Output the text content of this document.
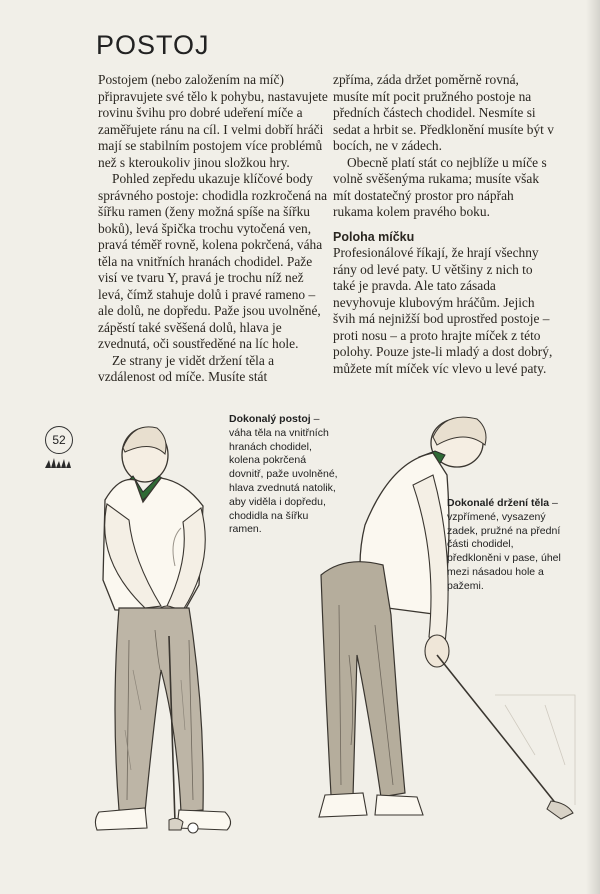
POSTOJ

Postojem (nebo založením na míč) připravujete své tělo k pohybu, nastavujete rovinu švihu pro dobré udeření míče a zaměřujete ránu na cíl. I velmi dobří hráči mají se stabilním postojem více problémů než s kteroukoliv jinou složkou hry.

Pohled zepředu ukazuje klíčové body správného postoje: chodidla rozkročená na šířku ramen (ženy možná spíše na šířku boků), levá špička trochu vytočená ven, pravá téměř rovně, kolena pokrčená, váha těla na vnitřních hranách chodidel. Paže visí ve tvaru Y, pravá je trochu níž než levá, čímž stahuje dolů i pravé rameno – ale dolů, ne dopředu. Paže jsou uvolněné, zápěstí také svěšená dolů, hlava je zvednutá, oči soustředěné na líc hole.

Ze strany je vidět držení těla a vzdálenost od míče. Musíte stát

zpříma, záda držet poměrně rovná, musíte mít pocit pružného postoje na předních částech chodidel. Nesmíte si sedat a hrbit se. Předklonění musíte být v bocích, ne v zádech.

Obecně platí stát co nejblíže u míče s volně svěšenýma rukama; musíte však mít dostatečný prostor pro nápřah rukama kolem pravého boku.

Poloha míčku

Profesionálové říkají, že hrají všechny rány od levé paty. U většiny z nich to také je pravda. Ale tato zásada nevyhovuje klubovým hráčům. Jejich švih má nejnižší bod uprostřed postoje – proti nosu – a proto hrajte míček z této polohy. Pouze jste-li mladý a dost dobrý, můžete mít míček víc vlevo u levé paty.

52
Dokonalý postoj – váha těla na vnitřních hranách chodidel, kolena pokrčená dovnitř, paže uvolněné, hlava zvednutá natolik, aby viděla i dopředu, chodidla na šířku ramen.
Dokonalé držení těla – vzpřímené, vysazený zadek, pružné na přední části chodidel, předkloněni v pase, úhel mezi násadou hole a pažemi.
